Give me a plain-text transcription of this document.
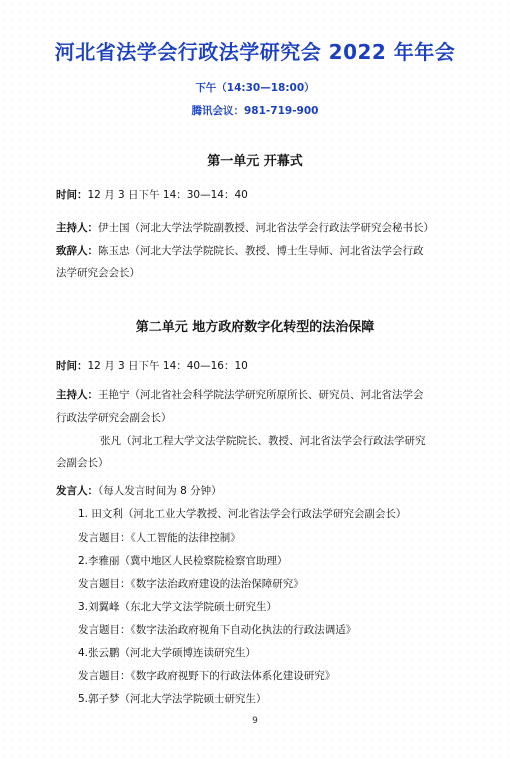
河北省法学会行政法学研究会 2022 年年会
下午（14:30—18:00）
腾讯会议：981-719-900
第一单元 开幕式
时间：12 月 3 日下午 14：30—14：40
主持人：伊士国（河北大学法学院副教授、河北省法学会行政法学研究会秘书长）
致辞人：陈玉忠（河北大学法学院院长、教授、博士生导师、河北省法学会行政
法学研究会会长）
第二单元 地方政府数字化转型的法治保障
时间：12 月 3 日下午 14：40—16：10
主持人：王艳宁（河北省社会科学院法学研究所原所长、研究员、河北省法学会
行政法学研究会副会长）
张凡（河北工程大学文法学院院长、教授、河北省法学会行政法学研究
会副会长）
发言人：（每人发言时间为 8 分钟）
1. 田文利（河北工业大学教授、河北省法学会行政法学研究会副会长）
发言题目：《人工智能的法律控制》
2.李雅丽（冀中地区人民检察院检察官助理）
发言题目：《数字法治政府建设的法治保障研究》
3.刘翼峰（东北大学文法学院硕士研究生）
发言题目：《数字法治政府视角下自动化执法的行政法调适》
4.张云鹏（河北大学硕博连读研究生）
发言题目：《数字政府视野下的行政法体系化建设研究》
5.郭子梦（河北大学法学院硕士研究生）
9
